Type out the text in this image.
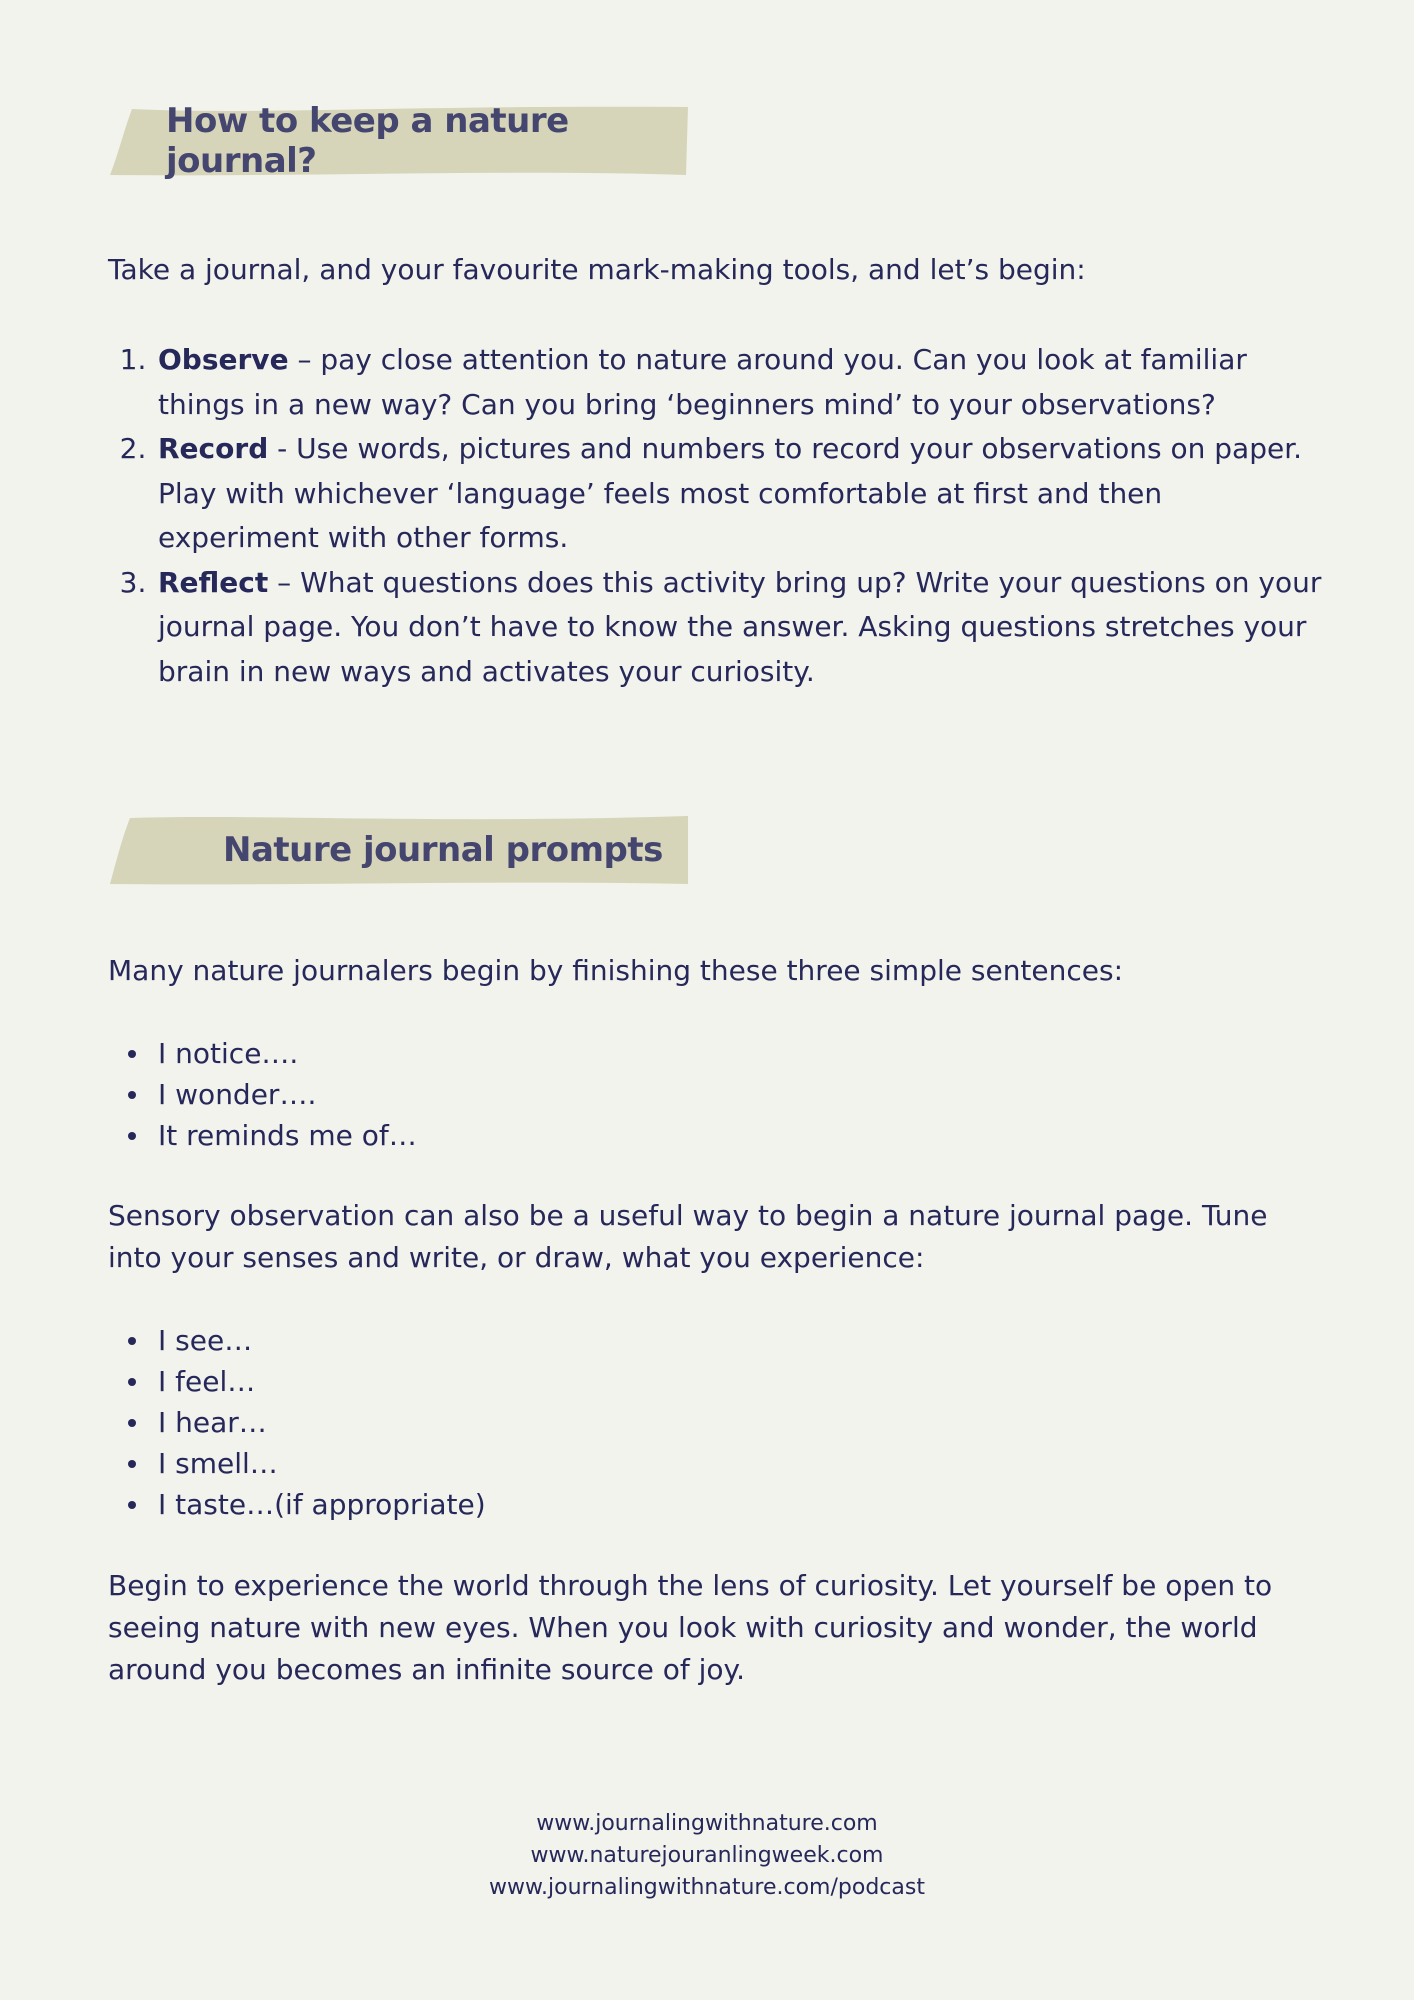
How to keep a nature journal?

Take a journal, and your favourite mark-making tools, and let’s begin:

1. Observe – pay close attention to nature around you. Can you look at familiar things in a new way? Can you bring ‘beginners mind’ to your observations?
2. Record - Use words, pictures and numbers to record your observations on paper. Play with whichever ‘language’ feels most comfortable at first and then experiment with other forms.
3. Reflect – What questions does this activity bring up? Write your questions on your journal page. You don’t have to know the answer. Asking questions stretches your brain in new ways and activates your curiosity.
Nature journal prompts

Many nature journalers begin by finishing these three simple sentences:

I notice….
I wonder….
It reminds me of…

Sensory observation can also be a useful way to begin a nature journal page. Tune into your senses and write, or draw, what you experience:

I see…
I feel…
I hear…
I smell…
I taste…(if appropriate)

Begin to experience the world through the lens of curiosity. Let yourself be open to seeing nature with new eyes. When you look with curiosity and wonder, the world around you becomes an infinite source of joy.

www.journalingwithnature.com
www.naturejouranlingweek.com
www.journalingwithnature.com/podcast
